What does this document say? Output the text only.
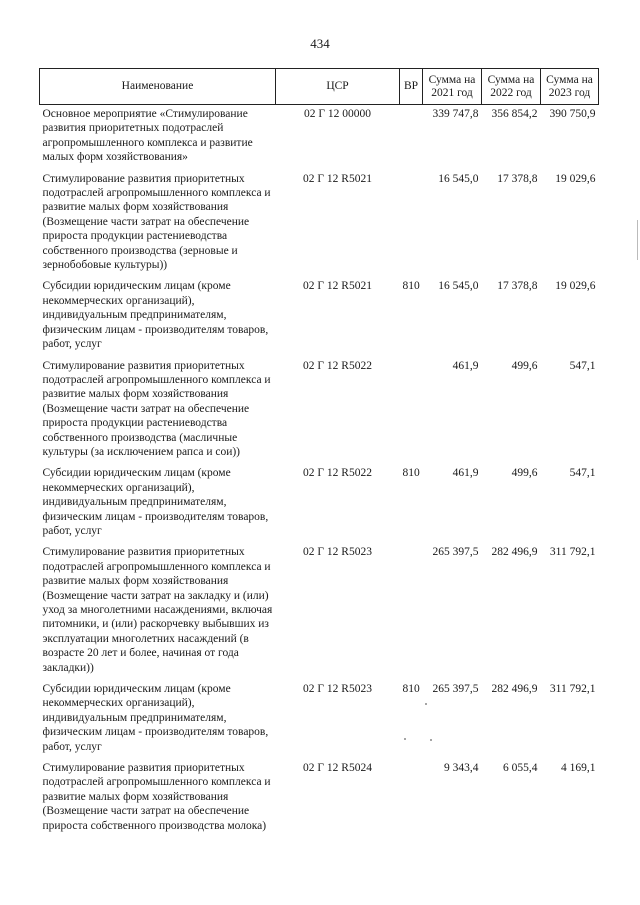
434
Наименование	ЦСР	ВР	Сумма на 2021 год	Сумма на 2022 год	Сумма на 2023 год
Основное мероприятие «Стимулирование развития приоритетных подотраслей агропромышленного комплекса и развитие малых форм хозяйствования»	02 Г 12 00000		339 747,8	356 854,2	390 750,9
Стимулирование развития приоритетных подотраслей агропромышленного комплекса и развитие малых форм хозяйствования (Возмещение части затрат на обеспечение прироста продукции растениеводства собственного производства (зерновые и зернобобовые культуры))	02 Г 12 R5021		16 545,0	17 378,8	19 029,6
Субсидии юридическим лицам (кроме некоммерческих организаций), индивидуальным предпринимателям, физическим лицам - производителям товаров, работ, услуг	02 Г 12 R5021	810	16 545,0	17 378,8	19 029,6
Стимулирование развития приоритетных подотраслей агропромышленного комплекса и развитие малых форм хозяйствования (Возмещение части затрат на обеспечение прироста продукции растениеводства собственного производства (масличные культуры (за исключением рапса и сои))	02 Г 12 R5022		461,9	499,6	547,1
Субсидии юридическим лицам (кроме некоммерческих организаций), индивидуальным предпринимателям, физическим лицам - производителям товаров, работ, услуг	02 Г 12 R5022	810	461,9	499,6	547,1
Стимулирование развития приоритетных подотраслей агропромышленного комплекса и развитие малых форм хозяйствования (Возмещение части затрат на закладку и (или) уход за многолетними насаждениями, включая питомники, и (или) раскорчевку выбывших из эксплуатации многолетних насаждений (в возрасте 20 лет и более, начиная от года закладки))	02 Г 12 R5023		265 397,5	282 496,9	311 792,1
Субсидии юридическим лицам (кроме некоммерческих организаций), индивидуальным предпринимателям, физическим лицам - производителям товаров, работ, услуг	02 Г 12 R5023	810	265 397,5	282 496,9	311 792,1
Стимулирование развития приоритетных подотраслей агропромышленного комплекса и развитие малых форм хозяйствования (Возмещение части затрат на обеспечение прироста собственного производства молока)	02 Г 12 R5024		9 343,4	6 055,4	4 169,1
